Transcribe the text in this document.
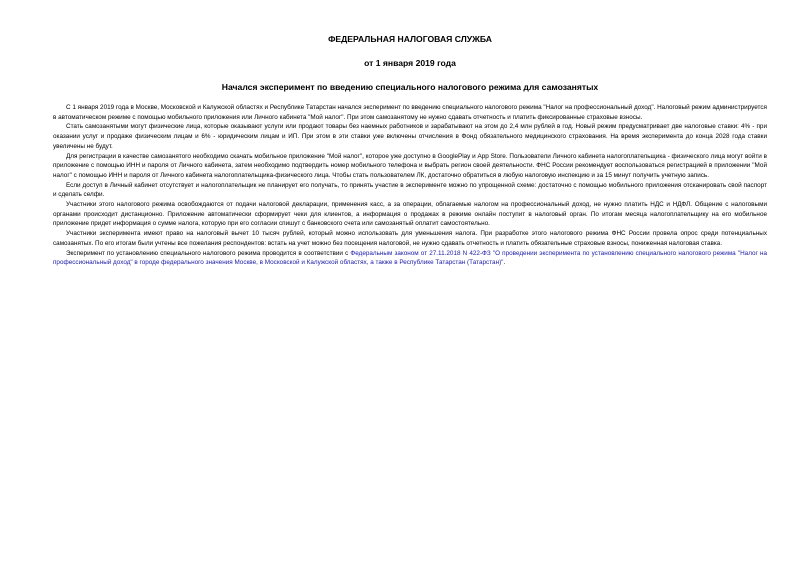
ФЕДЕРАЛЬНАЯ НАЛОГОВАЯ СЛУЖБА

от 1 января 2019 года

Начался эксперимент по введению специального налогового режима для самозанятых

С 1 января 2019 года в Москве, Московской и Калужской областях и Республике Татарстан начался эксперимент по введению специального налогового режима "Налог на профессиональный доход". Налоговый режим администрируется в автоматическом режиме с помощью мобильного приложения или Личного кабинета "Мой налог". При этом самозанятому не нужно сдавать отчетность и платить фиксированные страховые взносы.

Стать самозанятыми могут физические лица, которые оказывают услуги или продают товары без наемных работников и зарабатывают на этом до 2,4 млн рублей в год. Новый режим предусматривает две налоговые ставки: 4% - при оказании услуг и продаже физическим лицам и 6% - юридическим лицам и ИП. При этом в эти ставки уже включены отчисления в Фонд обязательного медицинского страхования. На время эксперимента до конца 2028 года ставки увеличены не будут.

Для регистрации в качестве самозанятого необходимо скачать мобильное приложение "Мой налог", которое уже доступно в GooglePlay и App Store. Пользователи Личного кабинета налогоплательщика - физического лица могут войти в приложение с помощью ИНН и пароля от Личного кабинета, затем необходимо подтвердить номер мобильного телефона и выбрать регион своей деятельности. ФНС России рекомендует воспользоваться регистрацией в приложении "Мой налог" с помощью ИНН и пароля от Личного кабинета налогоплательщика-физического лица. Чтобы стать пользователем ЛК, достаточно обратиться в любую налоговую инспекцию и за 15 минут получить учетную запись.

Если доступ в Личный кабинет отсутствует и налогоплательщик не планирует его получать, то принять участие в эксперименте можно по упрощенной схеме: достаточно с помощью мобильного приложения отсканировать свой паспорт и сделать селфи.

Участники этого налогового режима освобождаются от подачи налоговой декларации, применения касс, а за операции, облагаемые налогом на профессиональный доход, не нужно платить НДС и НДФЛ. Общение с налоговыми органами происходит дистанционно. Приложение автоматически сформирует чеки для клиентов, а информация о продажах в режиме онлайн поступит в налоговый орган. По итогам месяца налогоплательщику на его мобильное приложение придет информация о сумме налога, которую при его согласии спишут с банковского счета или самозанятый оплатит самостоятельно.

Участники эксперимента имеют право на налоговый вычет 10 тысяч рублей, который можно использовать для уменьшения налога. При разработке этого налогового режима ФНС России провела опрос среди потенциальных самозанятых. По его итогам были учтены все пожелания респондентов: встать на учет можно без посещения налоговой, не нужно сдавать отчетность и платить обязательные страховые взносы, пониженная налоговая ставка.

Эксперимент по установлению специального налогового режима проводится в соответствии с Федеральным законом от 27.11.2018 N 422-ФЗ "О проведении эксперимента по установлению специального налогового режима "Налог на профессиональный доход" в городе федерального значения Москве, в Московской и Калужской областях, а также в Республике Татарстан (Татарстан)".
